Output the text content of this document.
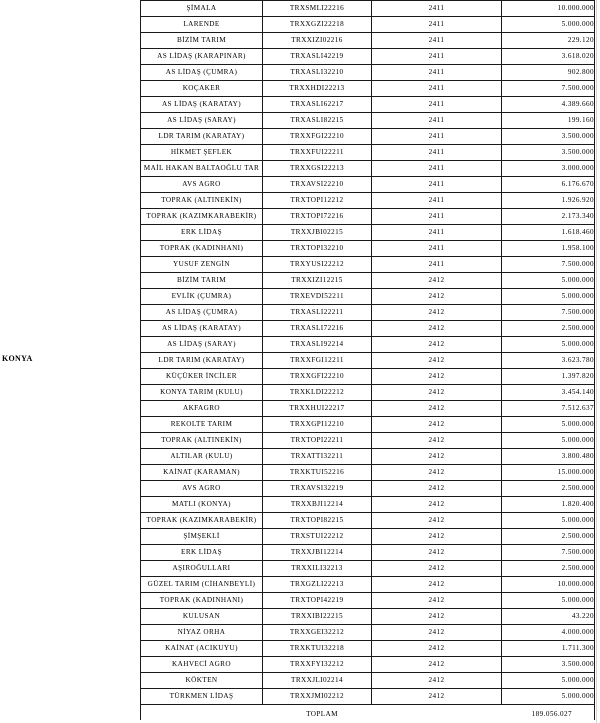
KONYA
ŞİMALA	TRXSMLI22216	2411	10.000.000
LARENDE	TRXXGZI22218	2411	5.000.000
BİZİM TARIM	TRXXIZI02216	2411	229.120
AS LİDAŞ (KARAPINAR)	TRXASLI42219	2411	3.618.020
AS LİDAŞ (ÇUMRA)	TRXASLI32210	2411	902.800
KOÇAKER	TRXXHDI22213	2411	7.500.000
AS LİDAŞ (KARATAY)	TRXASLI62217	2411	4.389.660
AS LİDAŞ (SARAY)	TRXASLI82215	2411	199.160
LDR TARIM (KARATAY)	TRXXFGI22210	2411	3.500.000
HİKMET ŞEFLEK	TRXXFUI22211	2411	3.500.000
MAİL HAKAN BALTAOĞLU TAR	TRXXGSI22213	2411	3.000.000
AVS AGRO	TRXAVSI22210	2411	6.176.670
TOPRAK (ALTINEKİN)	TRXTOPI12212	2411	1.926.920
TOPRAK (KAZIMKARABEKİR)	TRXTOPI72216	2411	2.173.340
ERK LİDAŞ	TRXXJBI02215	2411	1.618.460
TOPRAK (KADINHANI)	TRXTOPI32210	2411	1.958.100
YUSUF ZENGİN	TRXYUSI22212	2411	7.500.000
BİZİM TARIM	TRXXIZI12215	2412	5.000.000
EVLİK (ÇUMRA)	TRXEVDI52211	2412	5.000.000
AS LİDAŞ (ÇUMRA)	TRXASLI22211	2412	7.500.000
AS LİDAŞ (KARATAY)	TRXASLI72216	2412	2.500.000
AS LİDAŞ (SARAY)	TRXASLI92214	2412	5.000.000
LDR TARIM (KARATAY)	TRXXFGI12211	2412	3.623.780
KÜÇÜKER İNCİLER	TRXXGFI22210	2412	1.397.820
KONYA TARIM (KULU)	TRXKLDI22212	2412	3.454.140
AKFAGRO	TRXXHUI22217	2412	7.512.637
REKOLTE TARIM	TRXXGPI12210	2412	5.000.000
TOPRAK (ALTINEKİN)	TRXTOPI22211	2412	5.000.000
ALTILAR (KULU)	TRXATTI32211	2412	3.800.480
KAİNAT (KARAMAN)	TRXKTUI52216	2412	15.000.000
AVS AGRO	TRXAVSI32219	2412	2.500.000
MATLI (KONYA)	TRXXBJI12214	2412	1.820.400
TOPRAK (KAZIMKARABEKİR)	TRXTOPI82215	2412	5.000.000
ŞİMŞEKLİ	TRXSTUI22212	2412	2.500.000
ERK LİDAŞ	TRXXJBI12214	2412	7.500.000
AŞIROĞULLARI	TRXXILI32213	2412	2.500.000
GÜZEL TARIM (CİHANBEYLİ)	TRXGZLI22213	2412	10.000.000
TOPRAK (KADINHANI)	TRXTOPI42219	2412	5.000.000
KULUSAN	TRXXIBI22215	2412	43.220
NİYAZ ORHA	TRXXGEI32212	2412	4.000.000
KAİNAT (ACIKUYU)	TRXKTUI32218	2412	1.711.300
KAHVECİ AGRO	TRXXFYI32212	2412	3.500.000
KÖKTEN	TRXXJLI02214	2412	5.000.000
TÜRKMEN LİDAŞ	TRXXJMI02212	2412	5.000.000

TOPLAM	189.056.027
